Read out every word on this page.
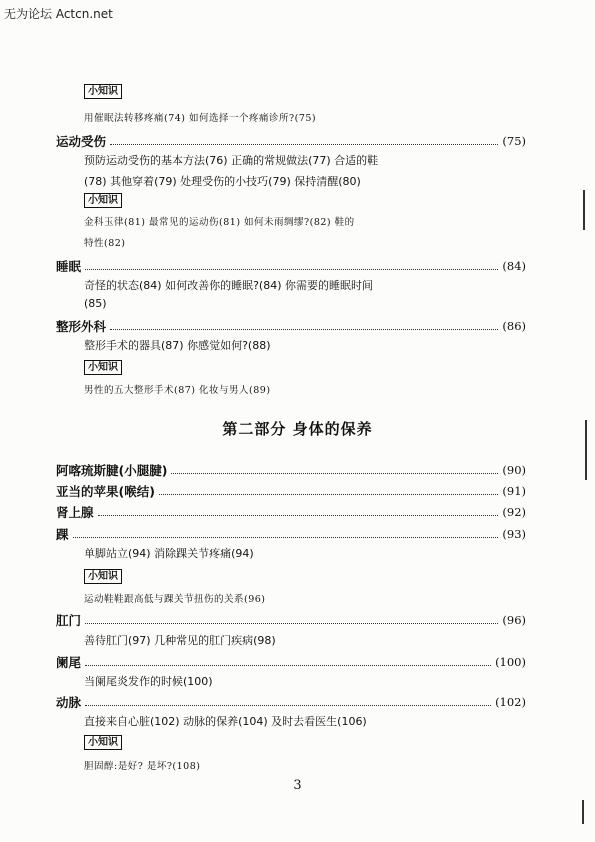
无为论坛 Actcn.net
小知识
用催眠法转移疼痛(74) 如何选择一个疼痛诊所?(75)
运动受伤	(75)
预防运动受伤的基本方法(76) 正确的常规做法(77) 合适的鞋
(78) 其他穿着(79) 处理受伤的小技巧(79) 保持清醒(80)
小知识
金科玉律(81) 最常见的运动伤(81) 如何未雨绸缪?(82) 鞋的
特性(82)
睡眠	(84)
奇怪的状态(84) 如何改善你的睡眠?(84) 你需要的睡眠时间
(85)
整形外科	(86)
整形手术的器具(87) 你感觉如何?(88)
小知识
男性的五大整形手术(87) 化妆与男人(89)
第二部分 身体的保养
阿喀琉斯腱(小腿腱)	(90)
亚当的苹果(喉结)	(91)
肾上腺	(92)
踝	(93)
单脚站立(94) 消除踝关节疼痛(94)
小知识
运动鞋鞋跟高低与踝关节扭伤的关系(96)
肛门	(96)
善待肛门(97) 几种常见的肛门疾病(98)
阑尾	(100)
当阑尾炎发作的时候(100)
动脉	(102)
直接来自心脏(102) 动脉的保养(104) 及时去看医生(106)
小知识
胆固醇:是好? 是坏?(108)
3
